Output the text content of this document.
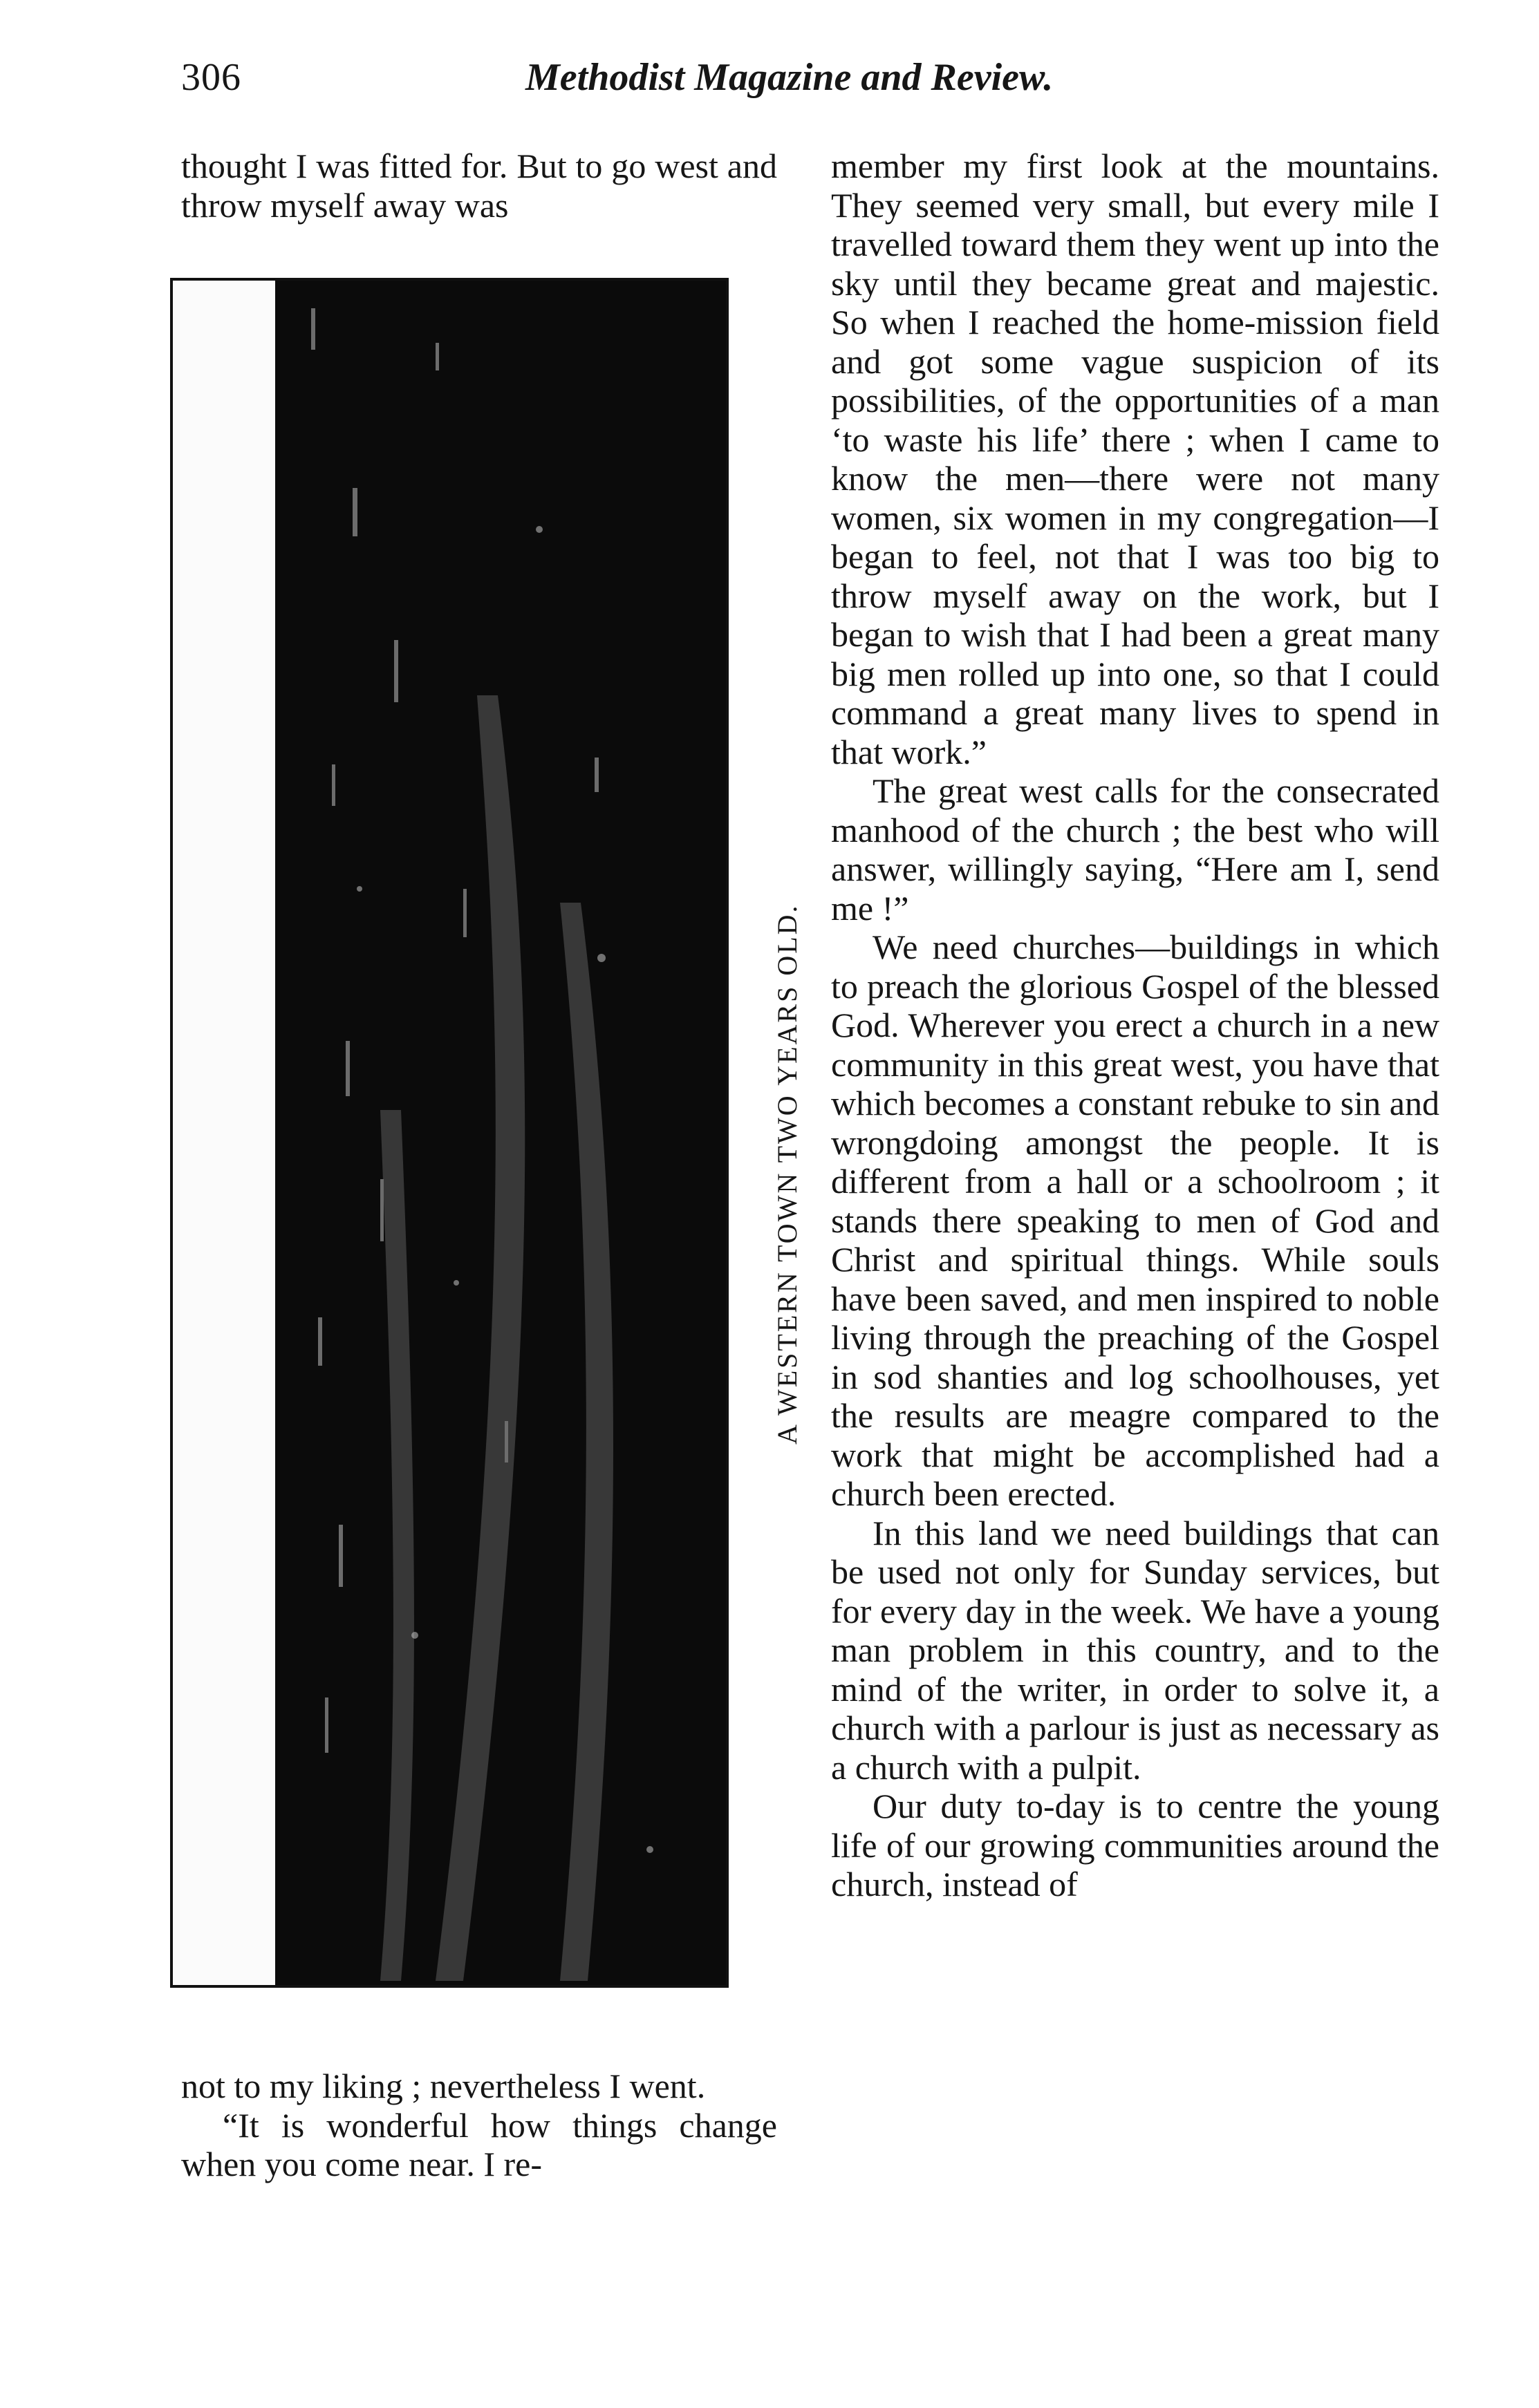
306	Methodist Magazine and Review.

thought I was fitted for. But to go west and throw myself away was

A WESTERN TOWN TWO YEARS OLD.

not to my liking ; nevertheless I went.

“It is wonderful how things change when you come near. I re-

member my first look at the mountains. They seemed very small, but every mile I travelled toward them they went up into the sky until they became great and majestic. So when I reached the home-mission field and got some vague suspicion of its possibilities, of the opportunities of a man ‘to waste his life’ there ; when I came to know the men—there were not many women, six women in my congregation—I began to feel, not that I was too big to throw myself away on the work, but I began to wish that I had been a great many big men rolled up into one, so that I could command a great many lives to spend in that work.”

The great west calls for the consecrated manhood of the church ; the best who will answer, willingly saying, “Here am I, send me !”

We need churches—buildings in which to preach the glorious Gospel of the blessed God. Wherever you erect a church in a new community in this great west, you have that which becomes a constant rebuke to sin and wrongdoing amongst the people. It is different from a hall or a schoolroom ; it stands there speaking to men of God and Christ and spiritual things. While souls have been saved, and men inspired to noble living through the preaching of the Gospel in sod shanties and log schoolhouses, yet the results are meagre compared to the work that might be accomplished had a church been erected.

In this land we need buildings that can be used not only for Sunday services, but for every day in the week. We have a young man problem in this country, and to the mind of the writer, in order to solve it, a church with a parlour is just as necessary as a church with a pulpit.

Our duty to-day is to centre the young life of our growing communities around the church, instead of
